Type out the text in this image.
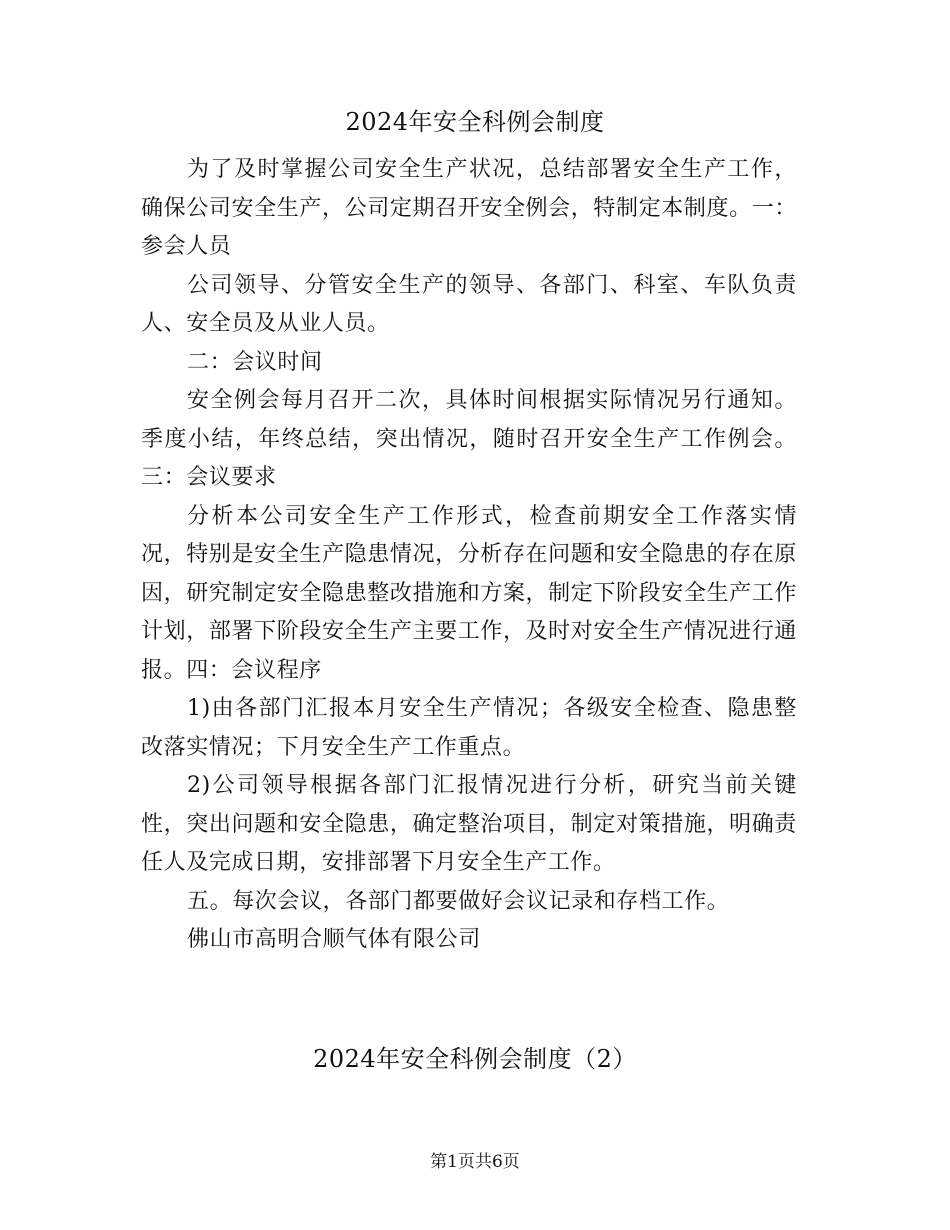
2024年安全科例会制度

为了及时掌握公司安全生产状况，总结部署安全生产工作，确保公司安全生产，公司定期召开安全例会，特制定本制度。一：参会人员

公司领导、分管安全生产的领导、各部门、科室、车队负责人、安全员及从业人员。

二：会议时间

安全例会每月召开二次，具体时间根据实际情况另行通知。季度小结，年终总结，突出情况，随时召开安全生产工作例会。三：会议要求

分析本公司安全生产工作形式，检查前期安全工作落实情况，特别是安全生产隐患情况，分析存在问题和安全隐患的存在原因，研究制定安全隐患整改措施和方案，制定下阶段安全生产工作计划，部署下阶段安全生产主要工作，及时对安全生产情况进行通报。四：会议程序

1)由各部门汇报本月安全生产情况；各级安全检查、隐患整改落实情况；下月安全生产工作重点。

2)公司领导根据各部门汇报情况进行分析，研究当前关键性，突出问题和安全隐患，确定整治项目，制定对策措施，明确责任人及完成日期，安排部署下月安全生产工作。

五。每次会议，各部门都要做好会议记录和存档工作。

佛山市高明合顺气体有限公司

2024年安全科例会制度（2）
第1页共6页
